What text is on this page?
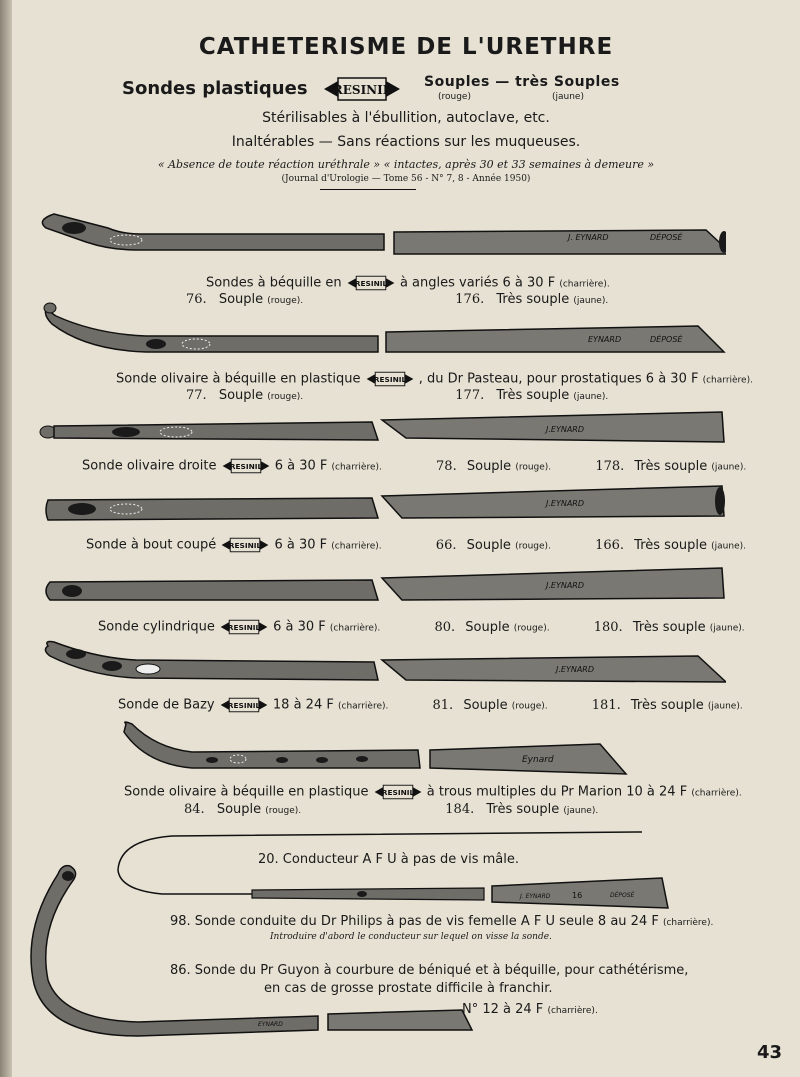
CATHETERISME DE L'URETHRE
Sondes plastiques RESINIL Souples — très Souples
(rouge)	(jaune)
Stérilisables à l'ébullition, autoclave, etc.
Inaltérables — Sans réactions sur les muqueuses.
« Absence de toute réaction uréthrale » « intactes, après 30 et 33 semaines à demeure »
(Journal d'Urologie — Tome 56 - N° 7, 8 - Année 1950)
J. EYNARD	DÉPOSÉ
Sondes à béquille en RESINIL à angles variés 6 à 30 F (charrière).
76. Souple (rouge).	176. Très souple (jaune).
EYNARD	DÉPOSÉ
Sonde olivaire à béquille en plastique RESINIL , du Dr Pasteau, pour prostatiques 6 à 30 F (charrière).
77. Souple (rouge).	177. Très souple (jaune).
J.EYNARD
Sonde olivaire droite RESINIL 6 à 30 F (charrière).	78. Souple (rouge).	178. Très souple (jaune).
J.EYNARD
Sonde à bout coupé RESINIL 6 à 30 F (charrière).	66. Souple (rouge).	166. Très souple (jaune).
J.EYNARD
Sonde cylindrique RESINIL 6 à 30 F (charrière).	80. Souple (rouge).	180. Très souple (jaune).
J.EYNARD
Sonde de Bazy RESINIL 18 à 24 F (charrière).	81. Souple (rouge).	181. Très souple (jaune).
Eynard
Sonde olivaire à béquille en plastique RESINIL à trous multiples du Pr Marion 10 à 24 F (charrière).
84. Souple (rouge).	184. Très souple (jaune).
J. EYNARD	16	DÉPOSÉ
20. Conducteur A F U à pas de vis mâle.
98. Sonde conduite du Dr Philips à pas de vis femelle A F U seule 8 au 24 F (charrière).
Introduire d'abord le conducteur sur lequel on visse la sonde.
EYNARD
86. Sonde du Pr Guyon à courbure de béniqué et à béquille, pour cathétérisme,
en cas de grosse prostate difficile à franchir.
N° 12 à 24 F (charrière).
43
